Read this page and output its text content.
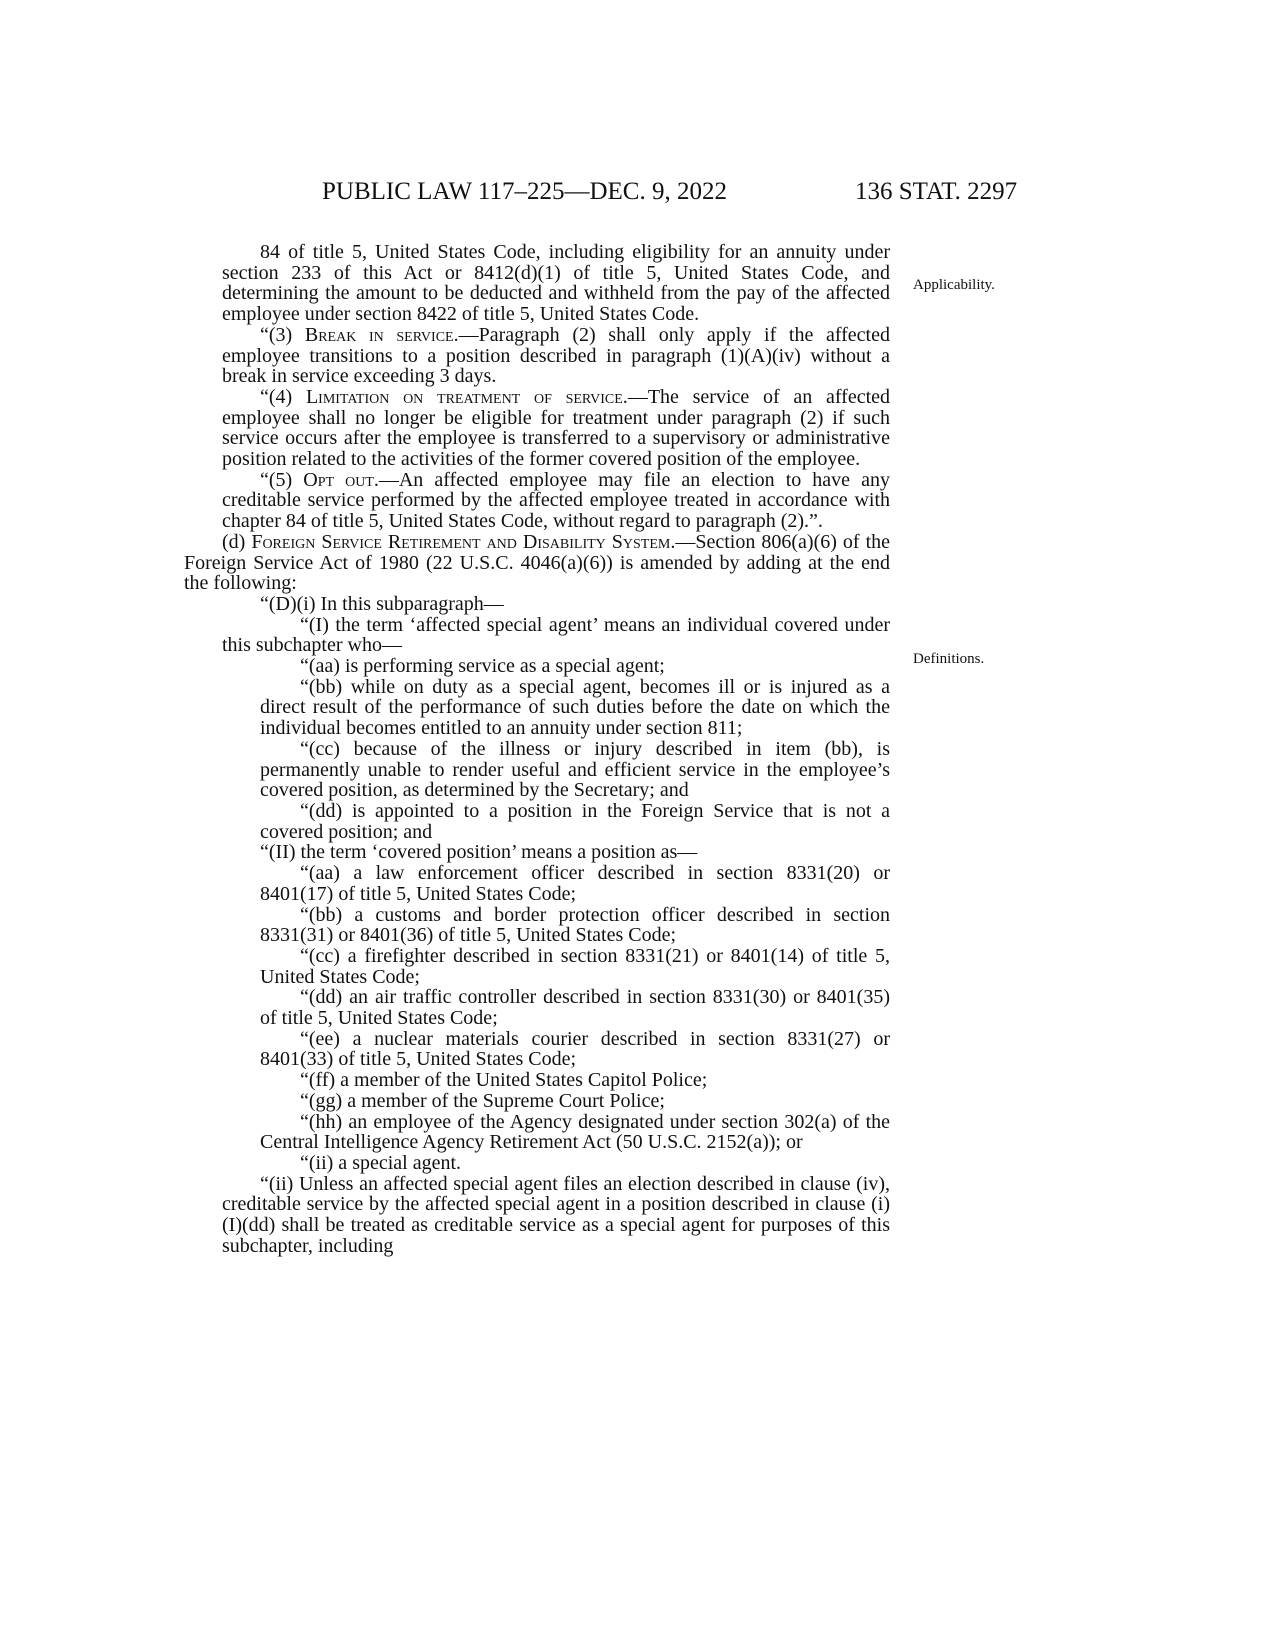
PUBLIC LAW 117–225—DEC. 9, 2022	136 STAT. 2297
Applicability.
Definitions.

84 of title 5, United States Code, including eligibility for an annuity under section 233 of this Act or 8412(d)(1) of title 5, United States Code, and determining the amount to be deducted and withheld from the pay of the affected employee under section 8422 of title 5, United States Code.

“(3) Break in service.—Paragraph (2) shall only apply if the affected employee transitions to a position described in paragraph (1)(A)(iv) without a break in service exceeding 3 days.

“(4) Limitation on treatment of service.—The service of an affected employee shall no longer be eligible for treatment under paragraph (2) if such service occurs after the employee is transferred to a supervisory or administrative position related to the activities of the former covered position of the employee.

“(5) Opt out.—An affected employee may file an election to have any creditable service performed by the affected employee treated in accordance with chapter 84 of title 5, United States Code, without regard to paragraph (2).”.

(d) Foreign Service Retirement and Disability System.—Section 806(a)(6) of the Foreign Service Act of 1980 (22 U.S.C. 4046(a)(6)) is amended by adding at the end the following:

“(D)(i) In this subparagraph—

“(I) the term ‘affected special agent’ means an individual covered under this subchapter who—

“(aa) is performing service as a special agent;

“(bb) while on duty as a special agent, becomes ill or is injured as a direct result of the performance of such duties before the date on which the individual becomes entitled to an annuity under section 811;

“(cc) because of the illness or injury described in item (bb), is permanently unable to render useful and efficient service in the employee’s covered position, as determined by the Secretary; and

“(dd) is appointed to a position in the Foreign Service that is not a covered position; and

“(II) the term ‘covered position’ means a position as—

“(aa) a law enforcement officer described in section 8331(20) or 8401(17) of title 5, United States Code;

“(bb) a customs and border protection officer described in section 8331(31) or 8401(36) of title 5, United States Code;

“(cc) a firefighter described in section 8331(21) or 8401(14) of title 5, United States Code;

“(dd) an air traffic controller described in section 8331(30) or 8401(35) of title 5, United States Code;

“(ee) a nuclear materials courier described in section 8331(27) or 8401(33) of title 5, United States Code;

“(ff) a member of the United States Capitol Police;

“(gg) a member of the Supreme Court Police;

“(hh) an employee of the Agency designated under section 302(a) of the Central Intelligence Agency Retirement Act (50 U.S.C. 2152(a)); or

“(ii) a special agent.

“(ii) Unless an affected special agent files an election described in clause (iv), creditable service by the affected special agent in a position described in clause (i)(I)(dd) shall be treated as creditable service as a special agent for purposes of this subchapter, including
